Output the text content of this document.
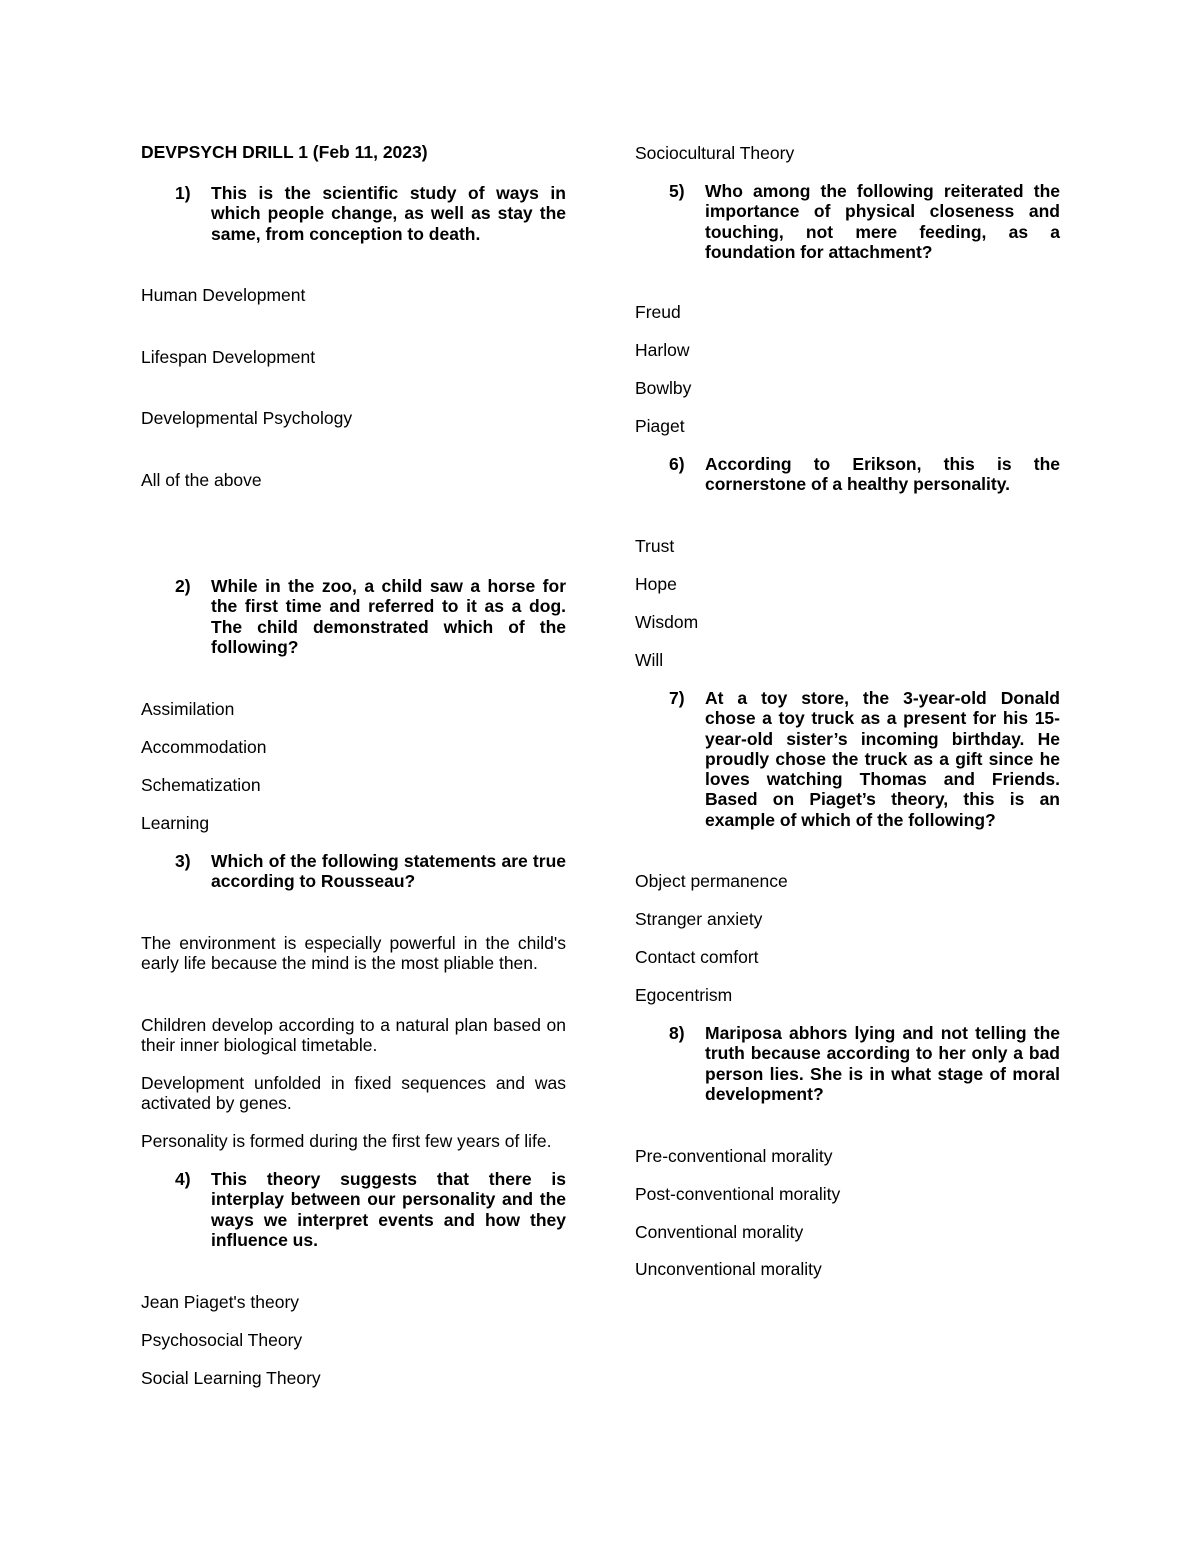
DEVPSYCH DRILL 1 (Feb 11, 2023)
1)	This is the scientific study of ways in which people change, as well as stay the same, from conception to death.
Human Development
Lifespan Development
Developmental Psychology
All of the above
2)	While in the zoo, a child saw a horse for the first time and referred to it as a dog. The child demonstrated which of the following?
Assimilation
Accommodation
Schematization
Learning
3)	Which of the following statements are true according to Rousseau?
The environment is especially powerful in the child's early life because the mind is the most pliable then.
Children develop according to a natural plan based on their inner biological timetable.
Development unfolded in fixed sequences and was activated by genes.
Personality is formed during the first few years of life.
4)	This theory suggests that there is interplay between our personality and the ways we interpret events and how they influence us.
Jean Piaget's theory
Psychosocial Theory
Social Learning Theory
Sociocultural Theory
5)	Who among the following reiterated the importance of physical closeness and touching, not mere feeding, as a foundation for attachment?
Freud
Harlow
Bowlby
Piaget
6)	According to Erikson, this is the cornerstone of a healthy personality.
Trust
Hope
Wisdom
Will
7)	At a toy store, the 3-year-old Donald chose a toy truck as a present for his 15-year-old sister’s incoming birthday. He proudly chose the truck as a gift since he loves watching Thomas and Friends. Based on Piaget’s theory, this is an example of which of the following?
Object permanence
Stranger anxiety
Contact comfort
Egocentrism
8)	Mariposa abhors lying and not telling the truth because according to her only a bad person lies. She is in what stage of moral development?
Pre-conventional morality
Post-conventional morality
Conventional morality
Unconventional morality
